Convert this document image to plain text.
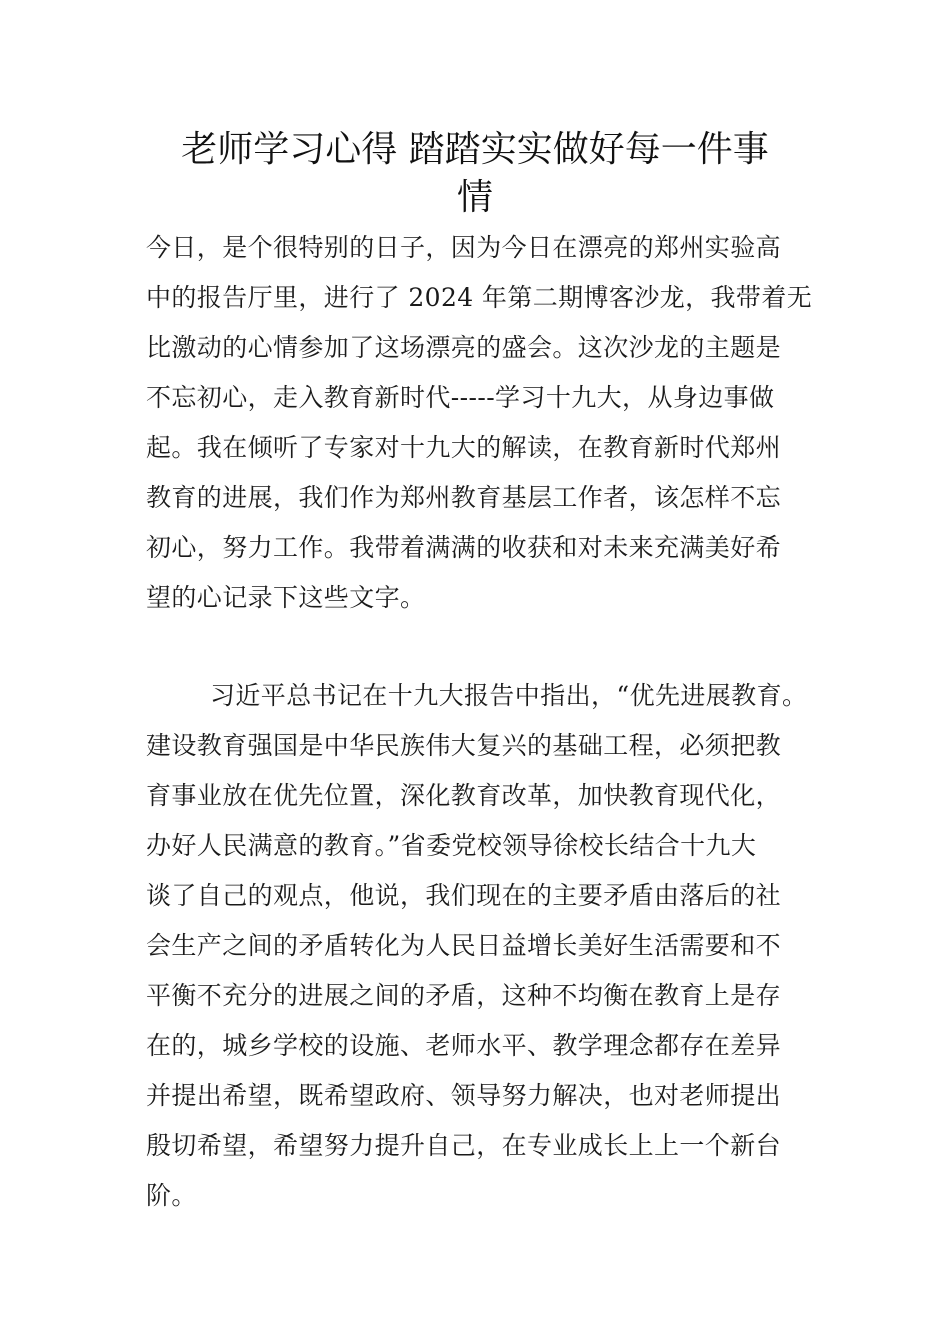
老师学习心得 踏踏实实做好每一件事
情
今日，是个很特别的日子，因为今日在漂亮的郑州实验高
中的报告厅里，进行了 2024 年第二期博客沙龙，我带着无
比激动的心情参加了这场漂亮的盛会。这次沙龙的主题是
不忘初心，走入教育新时代-----学习十九大，从身边事做
起。我在倾听了专家对十九大的解读，在教育新时代郑州
教育的进展，我们作为郑州教育基层工作者，该怎样不忘
初心，努力工作。我带着满满的收获和对未来充满美好希
望的心记录下这些文字。
习近平总书记在十九大报告中指出，“优先进展教育。
建设教育强国是中华民族伟大复兴的基础工程，必须把教
育事业放在优先位置，深化教育改革，加快教育现代化，
办好人民满意的教育。”省委党校领导徐校长结合十九大
谈了自己的观点，他说，我们现在的主要矛盾由落后的社
会生产之间的矛盾转化为人民日益增长美好生活需要和不
平衡不充分的进展之间的矛盾，这种不均衡在教育上是存
在的，城乡学校的设施、老师水平、教学理念都存在差异
并提出希望，既希望政府、领导努力解决，也对老师提出
殷切希望，希望努力提升自己，在专业成长上上一个新台
阶。
